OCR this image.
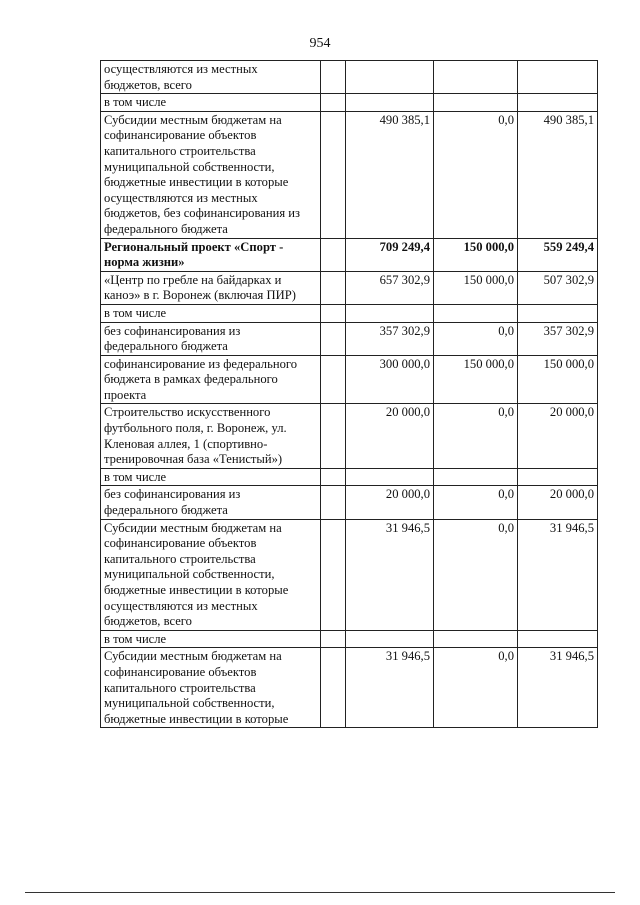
954
осуществляются из местных бюджетов, всего				
в том числе				
Субсидии местным бюджетам на софинансирование объектов капитального строительства муниципальной собственности, бюджетные инвестиции в которые осуществляются из местных бюджетов, без софинансирования из федерального бюджета		490 385,1	0,0	490 385,1
Региональный проект «Спорт - норма жизни»		709 249,4	150 000,0	559 249,4
«Центр по гребле на байдарках и каноэ» в г. Воронеж (включая ПИР)		657 302,9	150 000,0	507 302,9
в том числе				
без софинансирования из федерального бюджета		357 302,9	0,0	357 302,9
софинансирование из федерального бюджета в рамках федерального проекта		300 000,0	150 000,0	150 000,0
Строительство искусственного футбольного поля, г. Воронеж, ул. Кленовая аллея, 1 (спортивно-тренировочная база «Тенистый»)		20 000,0	0,0	20 000,0
в том числе				
без софинансирования из федерального бюджета		20 000,0	0,0	20 000,0
Субсидии местным бюджетам на софинансирование объектов капитального строительства муниципальной собственности, бюджетные инвестиции в которые осуществляются из местных бюджетов, всего		31 946,5	0,0	31 946,5
в том числе				
Субсидии местным бюджетам на софинансирование объектов капитального строительства муниципальной собственности, бюджетные инвестиции в которые		31 946,5	0,0	31 946,5
